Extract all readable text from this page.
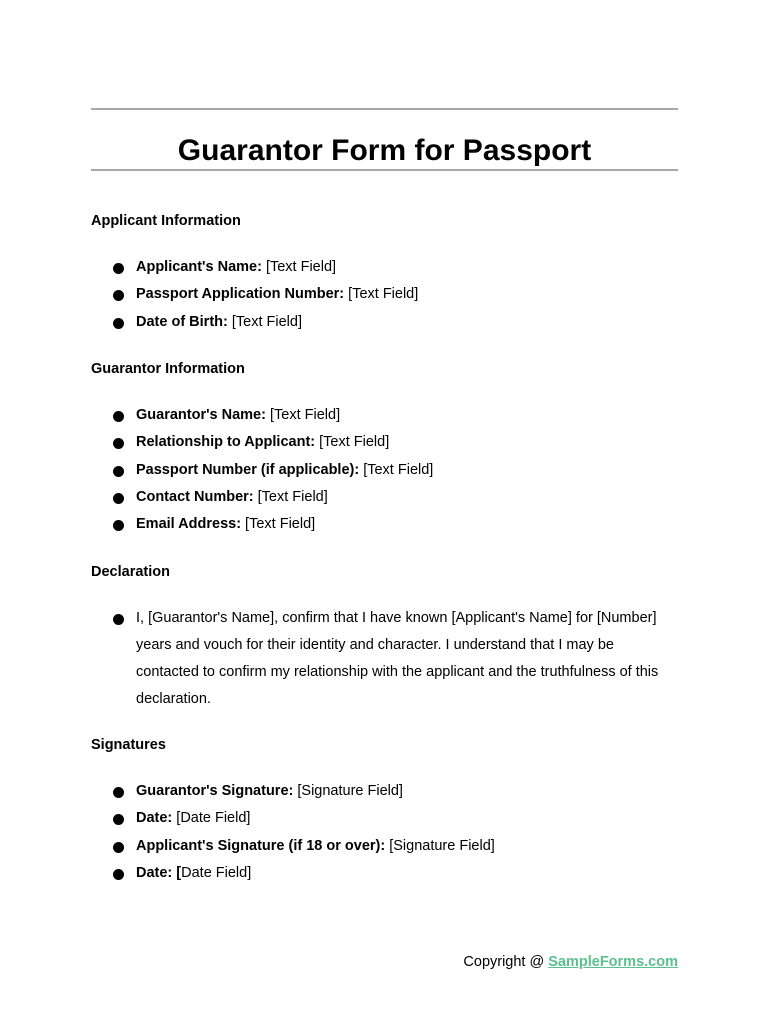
Guarantor Form for Passport
Applicant Information
Applicant's Name: [Text Field]
Passport Application Number: [Text Field]
Date of Birth: [Text Field]
Guarantor Information
Guarantor's Name: [Text Field]
Relationship to Applicant: [Text Field]
Passport Number (if applicable): [Text Field]
Contact Number: [Text Field]
Email Address: [Text Field]
Declaration
I, [Guarantor's Name], confirm that I have known [Applicant's Name] for [Number] years and vouch for their identity and character. I understand that I may be contacted to confirm my relationship with the applicant and the truthfulness of this declaration.
Signatures
Guarantor's Signature: [Signature Field]
Date: [Date Field]
Applicant's Signature (if 18 or over): [Signature Field]
Date: [Date Field]
Copyright @ SampleForms.com
